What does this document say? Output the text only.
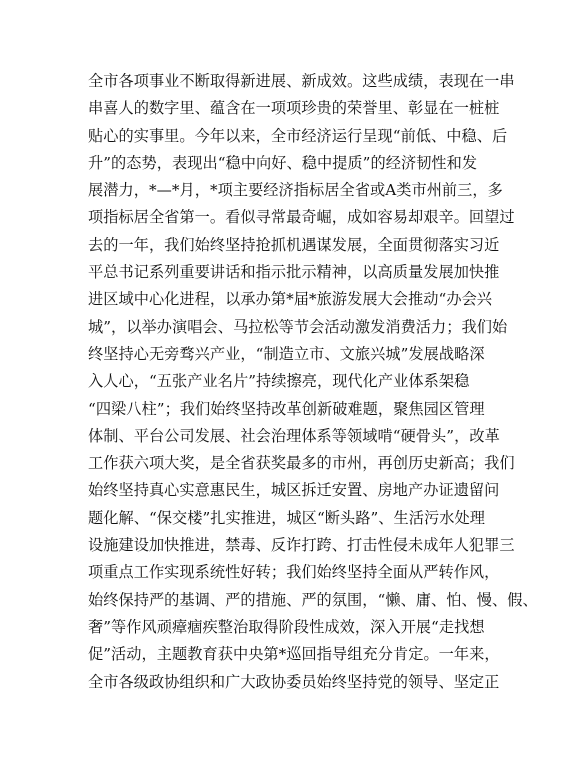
全市各项事业不断取得新进展、新成效。这些成绩，表现在一串
串喜人的数字里、蕴含在一项项珍贵的荣誉里、彰显在一桩桩
贴心的实事里。今年以来，全市经济运行呈现“前低、中稳、后
升”的态势，表现出“稳中向好、稳中提质”的经济韧性和发
展潜力，*—*月，*项主要经济指标居全省或A类市州前三，多
项指标居全省第一。看似寻常最奇崛，成如容易却艰辛。回望过
去的一年，我们始终坚持抢抓机遇谋发展，全面贯彻落实习近
平总书记系列重要讲话和指示批示精神，以高质量发展加快推
进区域中心化进程，以承办第*届*旅游发展大会推动“办会兴
城”，以举办演唱会、马拉松等节会活动激发消费活力；我们始
终坚持心无旁骛兴产业，“制造立市、文旅兴城”发展战略深
入人心，“五张产业名片”持续擦亮，现代化产业体系架稳
“四梁八柱”；我们始终坚持改革创新破难题，聚焦园区管理
体制、平台公司发展、社会治理体系等领域啃“硬骨头”，改革
工作获六项大奖，是全省获奖最多的市州，再创历史新高；我们
始终坚持真心实意惠民生，城区拆迁安置、房地产办证遗留问
题化解、“保交楼”扎实推进，城区“断头路”、生活污水处理
设施建设加快推进，禁毒、反诈打跨、打击性侵未成年人犯罪三
项重点工作实现系统性好转；我们始终坚持全面从严转作风，
始终保持严的基调、严的措施、严的氛围，“懒、庸、怕、慢、假、
奢”等作风顽瘴痼疾整治取得阶段性成效，深入开展“走找想
促”活动，主题教育获中央第*巡回指导组充分肯定。一年来，
全市各级政协组织和广大政协委员始终坚持党的领导、坚定正
